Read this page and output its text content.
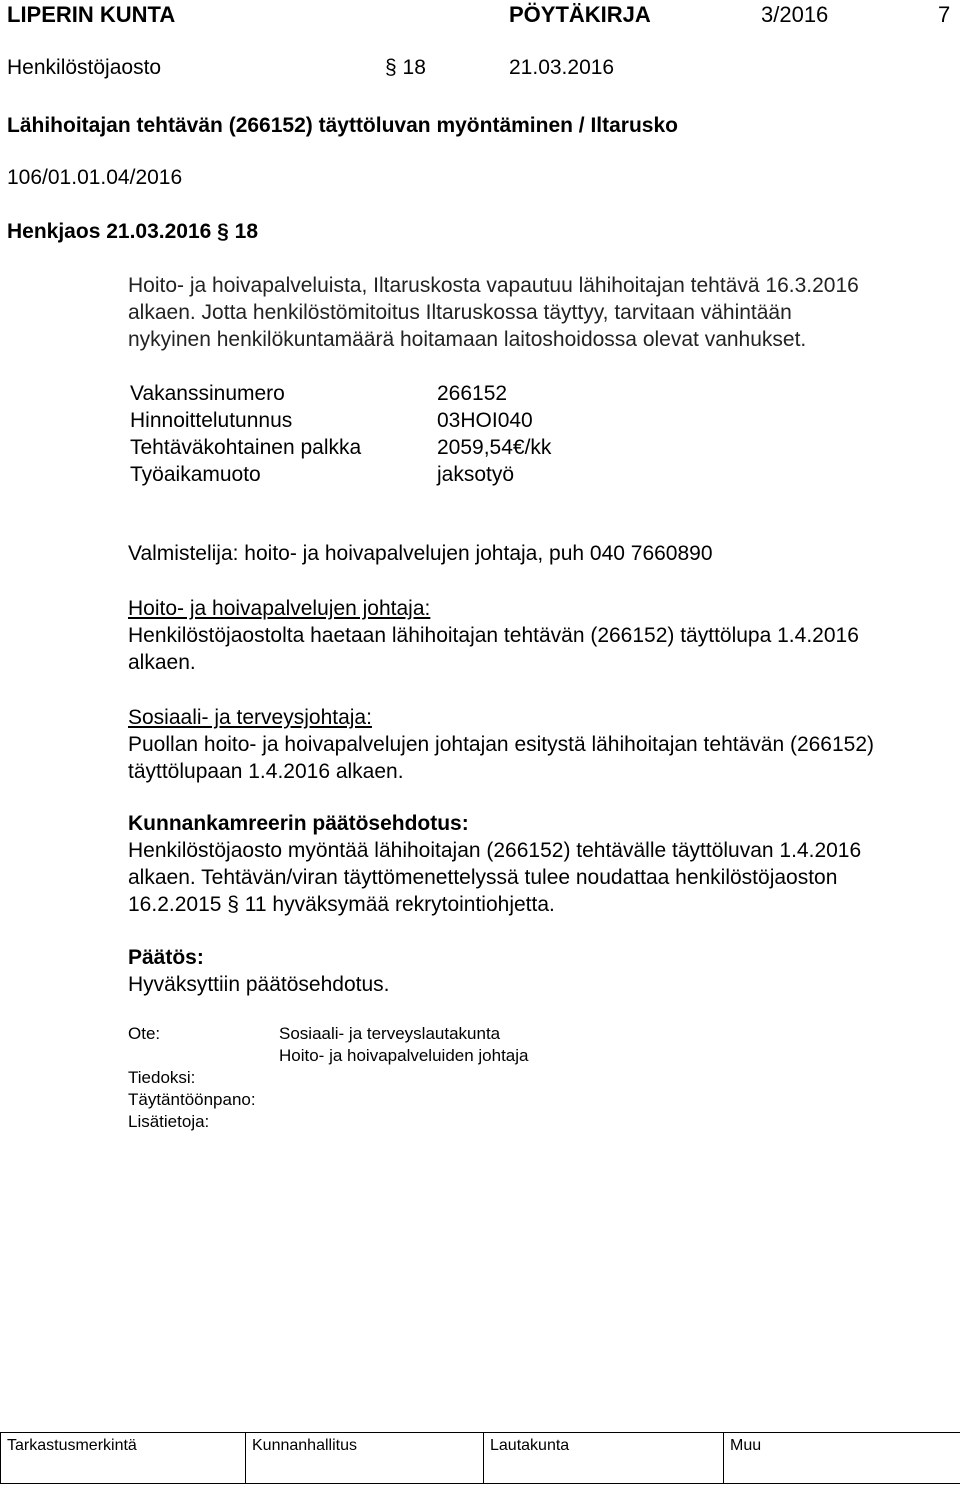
LIPERIN KUNTA	PÖYTÄKIRJA	3/2016	7
Henkilöstöjaosto	§ 18	21.03.2016
Lähihoitajan tehtävän (266152) täyttöluvan myöntäminen / Iltarusko
106/01.01.04/2016
Henkjaos 21.03.2016 § 18
Hoito- ja hoivapalveluista, Iltaruskosta vapautuu lähihoitajan tehtävä 16.3.2016
alkaen. Jotta henkilöstömitoitus Iltaruskossa täyttyy, tarvitaan vähintään
nykyinen henkilökuntamäärä hoitamaan laitoshoidossa olevat vanhukset.
Vakanssinumero	266152
Hinnoittelutunnus	03HOI040
Tehtäväkohtainen palkka	2059,54€/kk
Työaikamuoto	jaksotyö
Valmistelija: hoito- ja hoivapalvelujen johtaja, puh 040 7660890
Hoito- ja hoivapalvelujen johtaja:
Henkilöstöjaostolta haetaan lähihoitajan tehtävän (266152) täyttölupa 1.4.2016
alkaen.
Sosiaali- ja terveysjohtaja:
Puollan hoito- ja hoivapalvelujen johtajan esitystä lähihoitajan tehtävän (266152)
täyttölupaan 1.4.2016 alkaen.
Kunnankamreerin päätösehdotus:
Henkilöstöjaosto myöntää lähihoitajan (266152) tehtävälle täyttöluvan 1.4.2016
alkaen. Tehtävän/viran täyttömenettelyssä tulee noudattaa henkilöstöjaoston
16.2.2015 § 11 hyväksymää rekrytointiohjetta.
Päätös:
Hyväksyttiin päätösehdotus.
Ote:	Sosiaali- ja terveyslautakunta
	Hoito- ja hoivapalveluiden johtaja
Tiedoksi:	
Täytäntöönpano:	
Lisätietoja:	
Tarkastusmerkintä	Kunnanhallitus	Lautakunta	Muu
